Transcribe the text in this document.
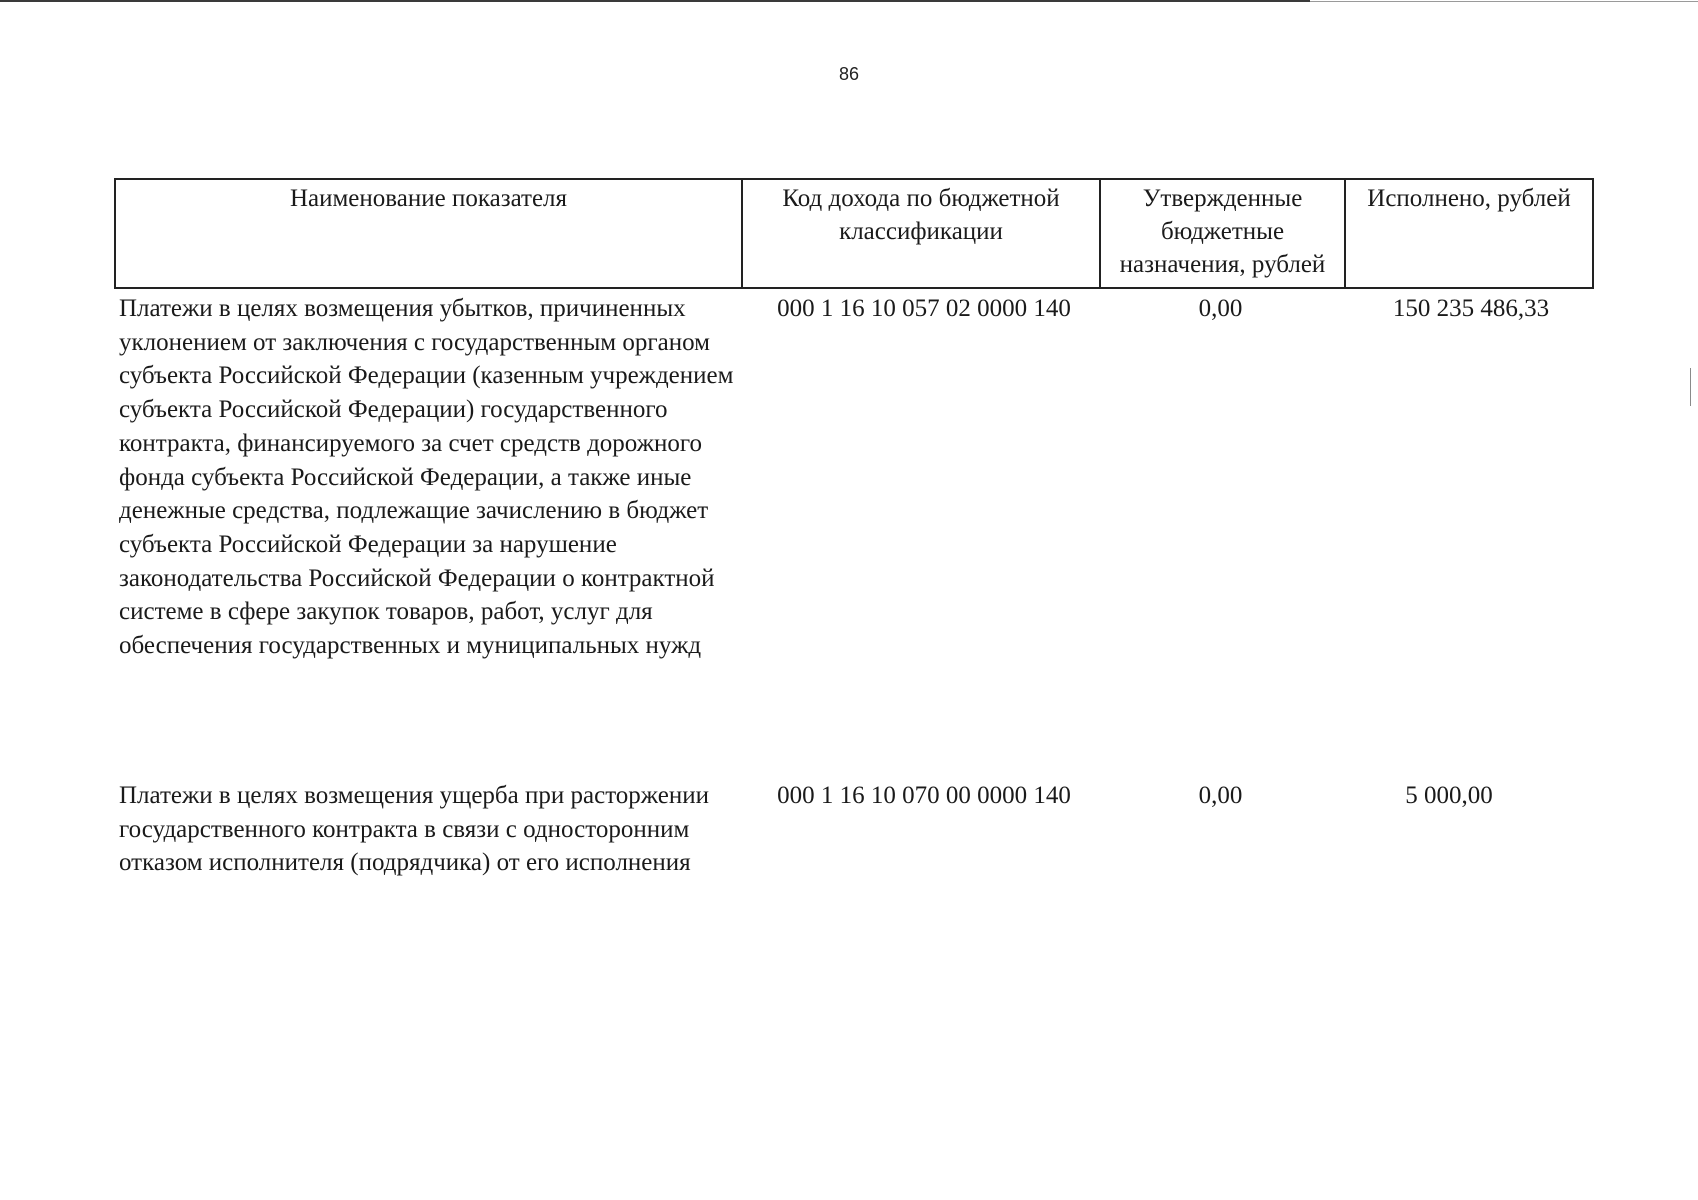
86
Наименование показателя	Код дохода по бюджетной классификации	Утвержденные бюджетные назначения, рублей	Исполнено, рублей
Платежи в целях возмещения убытков, причиненных уклонением от заключения с государственным органом субъекта Российской Федерации (казенным учреждением субъекта Российской Федерации) государственного контракта, финансируемого за счет средств дорожного фонда субъекта Российской Федерации, а также иные денежные средства, подлежащие зачислению в бюджет субъекта Российской Федерации за нарушение законодательства Российской Федерации о контрактной системе в сфере закупок товаров, работ, услуг для обеспечения государственных и муниципальных нужд	000 1 16 10 057 02 0000 140	0,00	150 235 486,33
Платежи в целях возмещения ущерба при расторжении государственного контракта в связи с односторонним отказом исполнителя (подрядчика) от его исполнения	000 1 16 10 070 00 0000 140	0,00	5 000,00
